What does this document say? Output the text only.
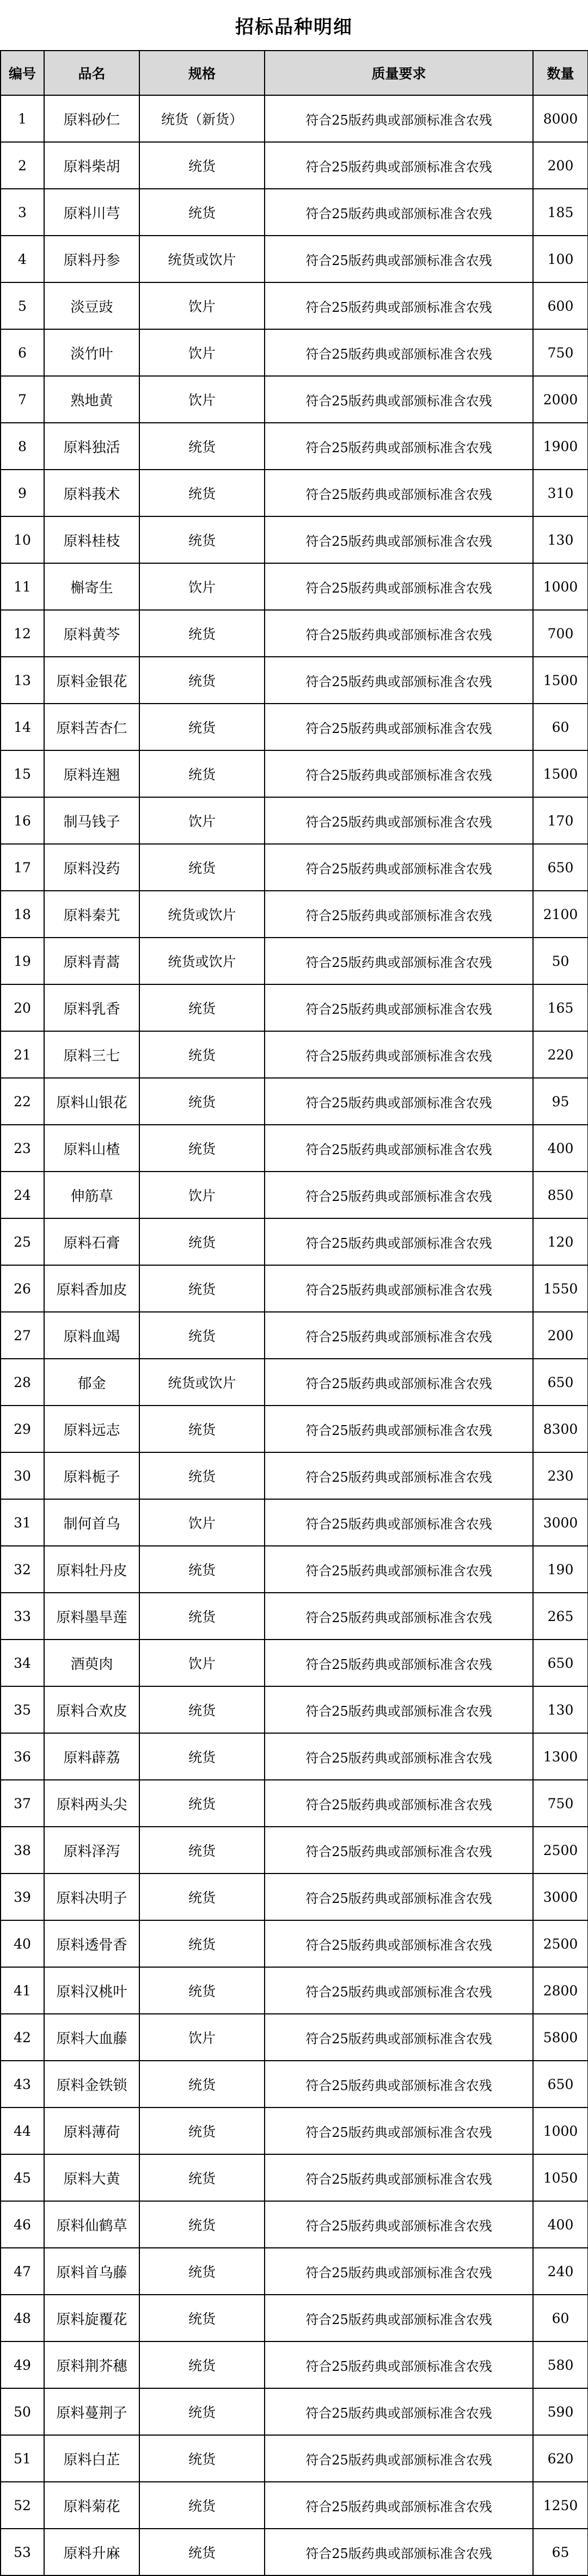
招标品种明细
编号	品名	规格	质量要求	数量
1	原料砂仁	统货（新货）	符合25版药典或部颁标准含农残	8000
2	原料柴胡	统货	符合25版药典或部颁标准含农残	200
3	原料川芎	统货	符合25版药典或部颁标准含农残	185
4	原料丹参	统货或饮片	符合25版药典或部颁标准含农残	100
5	淡豆豉	饮片	符合25版药典或部颁标准含农残	600
6	淡竹叶	饮片	符合25版药典或部颁标准含农残	750
7	熟地黄	饮片	符合25版药典或部颁标准含农残	2000
8	原料独活	统货	符合25版药典或部颁标准含农残	1900
9	原料莪术	统货	符合25版药典或部颁标准含农残	310
10	原料桂枝	统货	符合25版药典或部颁标准含农残	130
11	槲寄生	饮片	符合25版药典或部颁标准含农残	1000
12	原料黄芩	统货	符合25版药典或部颁标准含农残	700
13	原料金银花	统货	符合25版药典或部颁标准含农残	1500
14	原料苦杏仁	统货	符合25版药典或部颁标准含农残	60
15	原料连翘	统货	符合25版药典或部颁标准含农残	1500
16	制马钱子	饮片	符合25版药典或部颁标准含农残	170
17	原料没药	统货	符合25版药典或部颁标准含农残	650
18	原料秦艽	统货或饮片	符合25版药典或部颁标准含农残	2100
19	原料青蒿	统货或饮片	符合25版药典或部颁标准含农残	50
20	原料乳香	统货	符合25版药典或部颁标准含农残	165
21	原料三七	统货	符合25版药典或部颁标准含农残	220
22	原料山银花	统货	符合25版药典或部颁标准含农残	95
23	原料山楂	统货	符合25版药典或部颁标准含农残	400
24	伸筋草	饮片	符合25版药典或部颁标准含农残	850
25	原料石膏	统货	符合25版药典或部颁标准含农残	120
26	原料香加皮	统货	符合25版药典或部颁标准含农残	1550
27	原料血竭	统货	符合25版药典或部颁标准含农残	200
28	郁金	统货或饮片	符合25版药典或部颁标准含农残	650
29	原料远志	统货	符合25版药典或部颁标准含农残	8300
30	原料栀子	统货	符合25版药典或部颁标准含农残	230
31	制何首乌	饮片	符合25版药典或部颁标准含农残	3000
32	原料牡丹皮	统货	符合25版药典或部颁标准含农残	190
33	原料墨旱莲	统货	符合25版药典或部颁标准含农残	265
34	酒萸肉	饮片	符合25版药典或部颁标准含农残	650
35	原料合欢皮	统货	符合25版药典或部颁标准含农残	130
36	原料薜荔	统货	符合25版药典或部颁标准含农残	1300
37	原料两头尖	统货	符合25版药典或部颁标准含农残	750
38	原料泽泻	统货	符合25版药典或部颁标准含农残	2500
39	原料决明子	统货	符合25版药典或部颁标准含农残	3000
40	原料透骨香	统货	符合25版药典或部颁标准含农残	2500
41	原料汉桃叶	统货	符合25版药典或部颁标准含农残	2800
42	原料大血藤	饮片	符合25版药典或部颁标准含农残	5800
43	原料金铁锁	统货	符合25版药典或部颁标准含农残	650
44	原料薄荷	统货	符合25版药典或部颁标准含农残	1000
45	原料大黄	统货	符合25版药典或部颁标准含农残	1050
46	原料仙鹤草	统货	符合25版药典或部颁标准含农残	400
47	原料首乌藤	统货	符合25版药典或部颁标准含农残	240
48	原料旋覆花	统货	符合25版药典或部颁标准含农残	60
49	原料荆芥穗	统货	符合25版药典或部颁标准含农残	580
50	原料蔓荆子	统货	符合25版药典或部颁标准含农残	590
51	原料白芷	统货	符合25版药典或部颁标准含农残	620
52	原料菊花	统货	符合25版药典或部颁标准含农残	1250
53	原料升麻	统货	符合25版药典或部颁标准含农残	65
